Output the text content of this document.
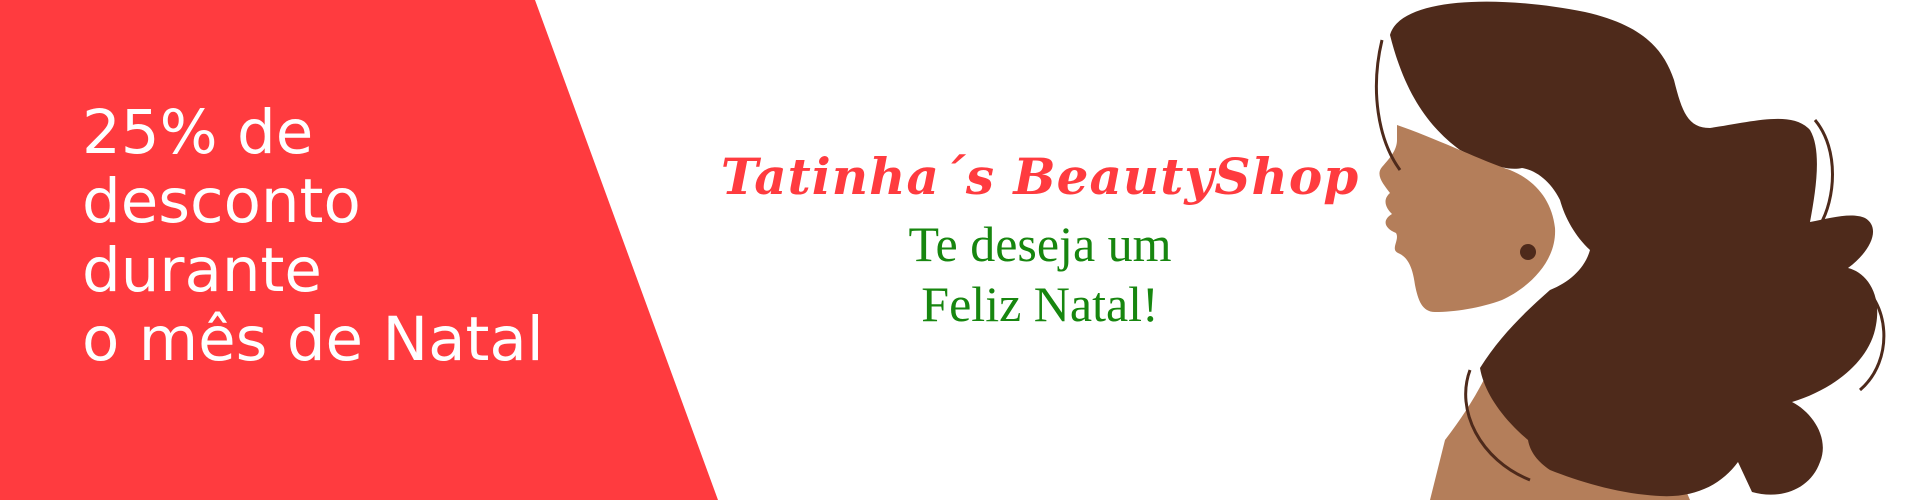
25% de
desconto
durante
o mês de Natal

Tatinha´s BeautyShop
Te deseja um
Feliz Natal!
